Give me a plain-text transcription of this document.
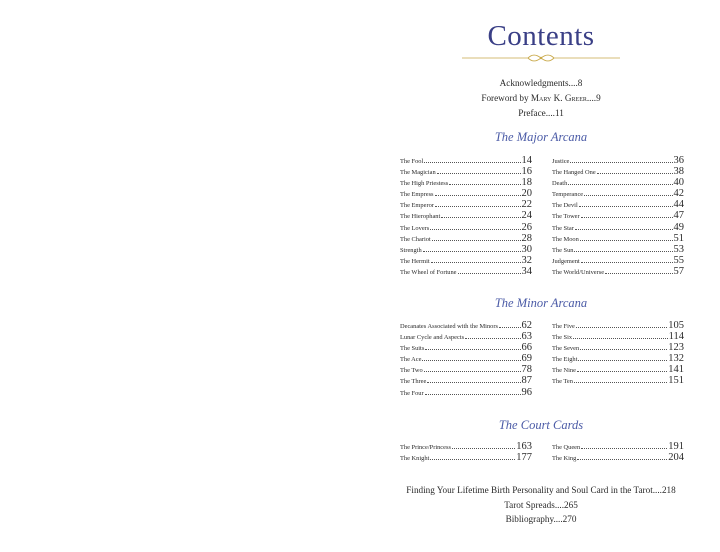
Contents
Acknowledgments....8
Foreword by Mary K. Greer....9
Preface....11
The Major Arcana
The Fool	14
The Magician	16
The High Priestess	18
The Empress	20
The Emperor	22
The Hierophant	24
The Lovers	26
The Chariot	28
Strength	30
The Hermit	32
The Wheel of Fortune	34
Justice	36
The Hanged One	38
Death	40
Temperance	42
The Devil	44
The Tower	47
The Star	49
The Moon	51
The Sun	53
Judgement	55
The World/Universe	57
The Minor Arcana
Decanates Associated with the Minors 62
Lunar Cycle and Aspects	63
The Suits	66
The Ace	69
The Two	78
The Three	87
The Four	96
The Five	105
The Six	114
The Seven	123
The Eight	132
The Nine	141
The Ten	151
The Court Cards
The Prince/Princess	163
The Knight	177
The Queen	191
The King	204
Finding Your Lifetime Birth Personality and Soul Card in the Tarot....218
Tarot Spreads....265
Bibliography....270
